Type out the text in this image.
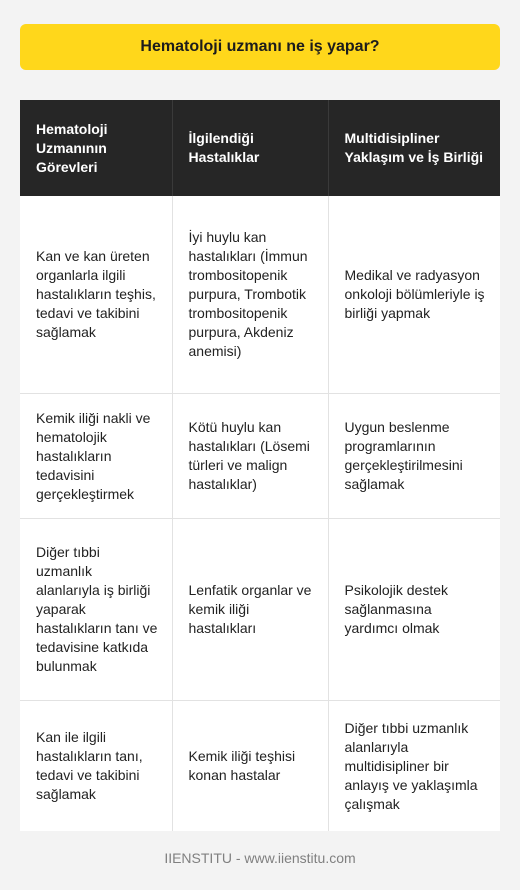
Hematoloji uzmanı ne iş yapar?
Hematoloji Uzmanının Görevleri	İlgilendiği Hastalıklar	Multidisipliner Yaklaşım ve İş Birliği
Kan ve kan üreten organlarla ilgili hastalıkların teşhis, tedavi ve takibini sağlamak	İyi huylu kan hastalıkları (İmmun trombositopenik purpura, Trombotik trombositopenik purpura, Akdeniz anemisi)	Medikal ve radyasyon onkoloji bölümleriyle iş birliği yapmak
Kemik iliği nakli ve hematolojik hastalıkların tedavisini gerçekleştirmek	Kötü huylu kan hastalıkları (Lösemi türleri ve malign hastalıklar)	Uygun beslenme programlarının gerçekleştirilmesini sağlamak
Diğer tıbbi uzmanlık alanlarıyla iş birliği yaparak hastalıkların tanı ve tedavisine katkıda bulunmak	Lenfatik organlar ve kemik iliği hastalıkları	Psikolojik destek sağlanmasına yardımcı olmak
Kan ile ilgili hastalıkların tanı, tedavi ve takibini sağlamak	Kemik iliği teşhisi konan hastalar	Diğer tıbbi uzmanlık alanlarıyla multidisipliner bir anlayış ve yaklaşımla çalışmak
IIENSTITU - www.iienstitu.com
